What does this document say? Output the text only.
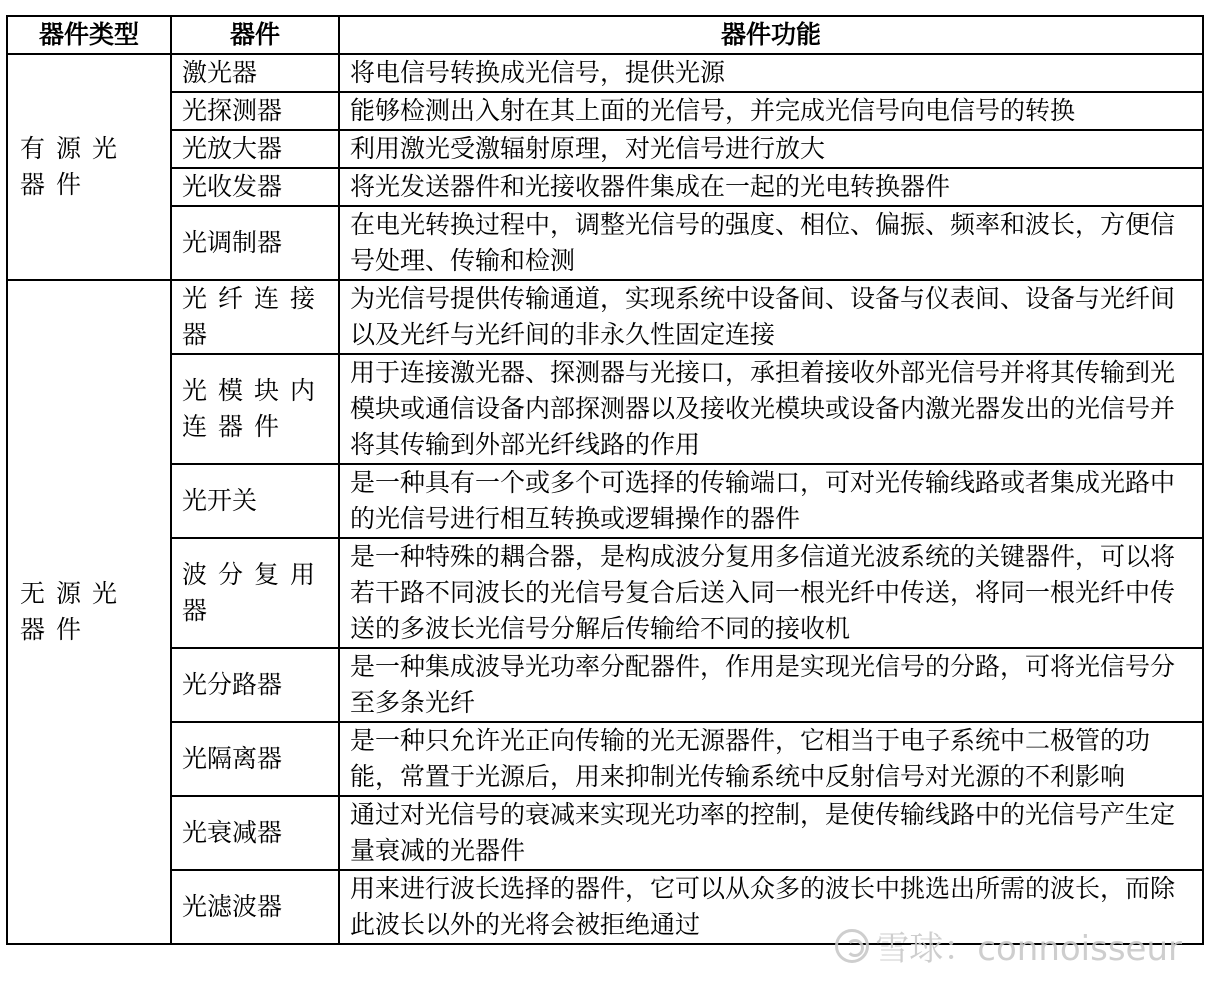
器件类型	器件	器件功能
有源光器件	激光器	将电信号转换成光信号，提供光源
	光探测器	能够检测出入射在其上面的光信号，并完成光信号向电信号的转换
	光放大器	利用激光受激辐射原理，对光信号进行放大
	光收发器	将光发送器件和光接收器件集成在一起的光电转换器件
	光调制器	在电光转换过程中，调整光信号的强度、相位、偏振、频率和波长，方便信号处理、传输和检测
无源光器件	光纤连接器	为光信号提供传输通道，实现系统中设备间、设备与仪表间、设备与光纤间以及光纤与光纤间的非永久性固定连接
	光模块内连器件	用于连接激光器、探测器与光接口，承担着接收外部光信号并将其传输到光模块或通信设备内部探测器以及接收光模块或设备内激光器发出的光信号并将其传输到外部光纤线路的作用
	光开关	是一种具有一个或多个可选择的传输端口，可对光传输线路或者集成光路中的光信号进行相互转换或逻辑操作的器件
	波分复用器	是一种特殊的耦合器，是构成波分复用多信道光波系统的关键器件，可以将若干路不同波长的光信号复合后送入同一根光纤中传送，将同一根光纤中传送的多波长光信号分解后传输给不同的接收机
	光分路器	是一种集成波导光功率分配器件，作用是实现光信号的分路，可将光信号分至多条光纤
	光隔离器	是一种只允许光正向传输的光无源器件，它相当于电子系统中二极管的功能，常置于光源后，用来抑制光传输系统中反射信号对光源的不利影响
	光衰减器	通过对光信号的衰减来实现光功率的控制，是使传输线路中的光信号产生定量衰减的光器件
	光滤波器	用来进行波长选择的器件，它可以从众多的波长中挑选出所需的波长，而除此波长以外的光将会被拒绝通过
雪球：connoisseur
